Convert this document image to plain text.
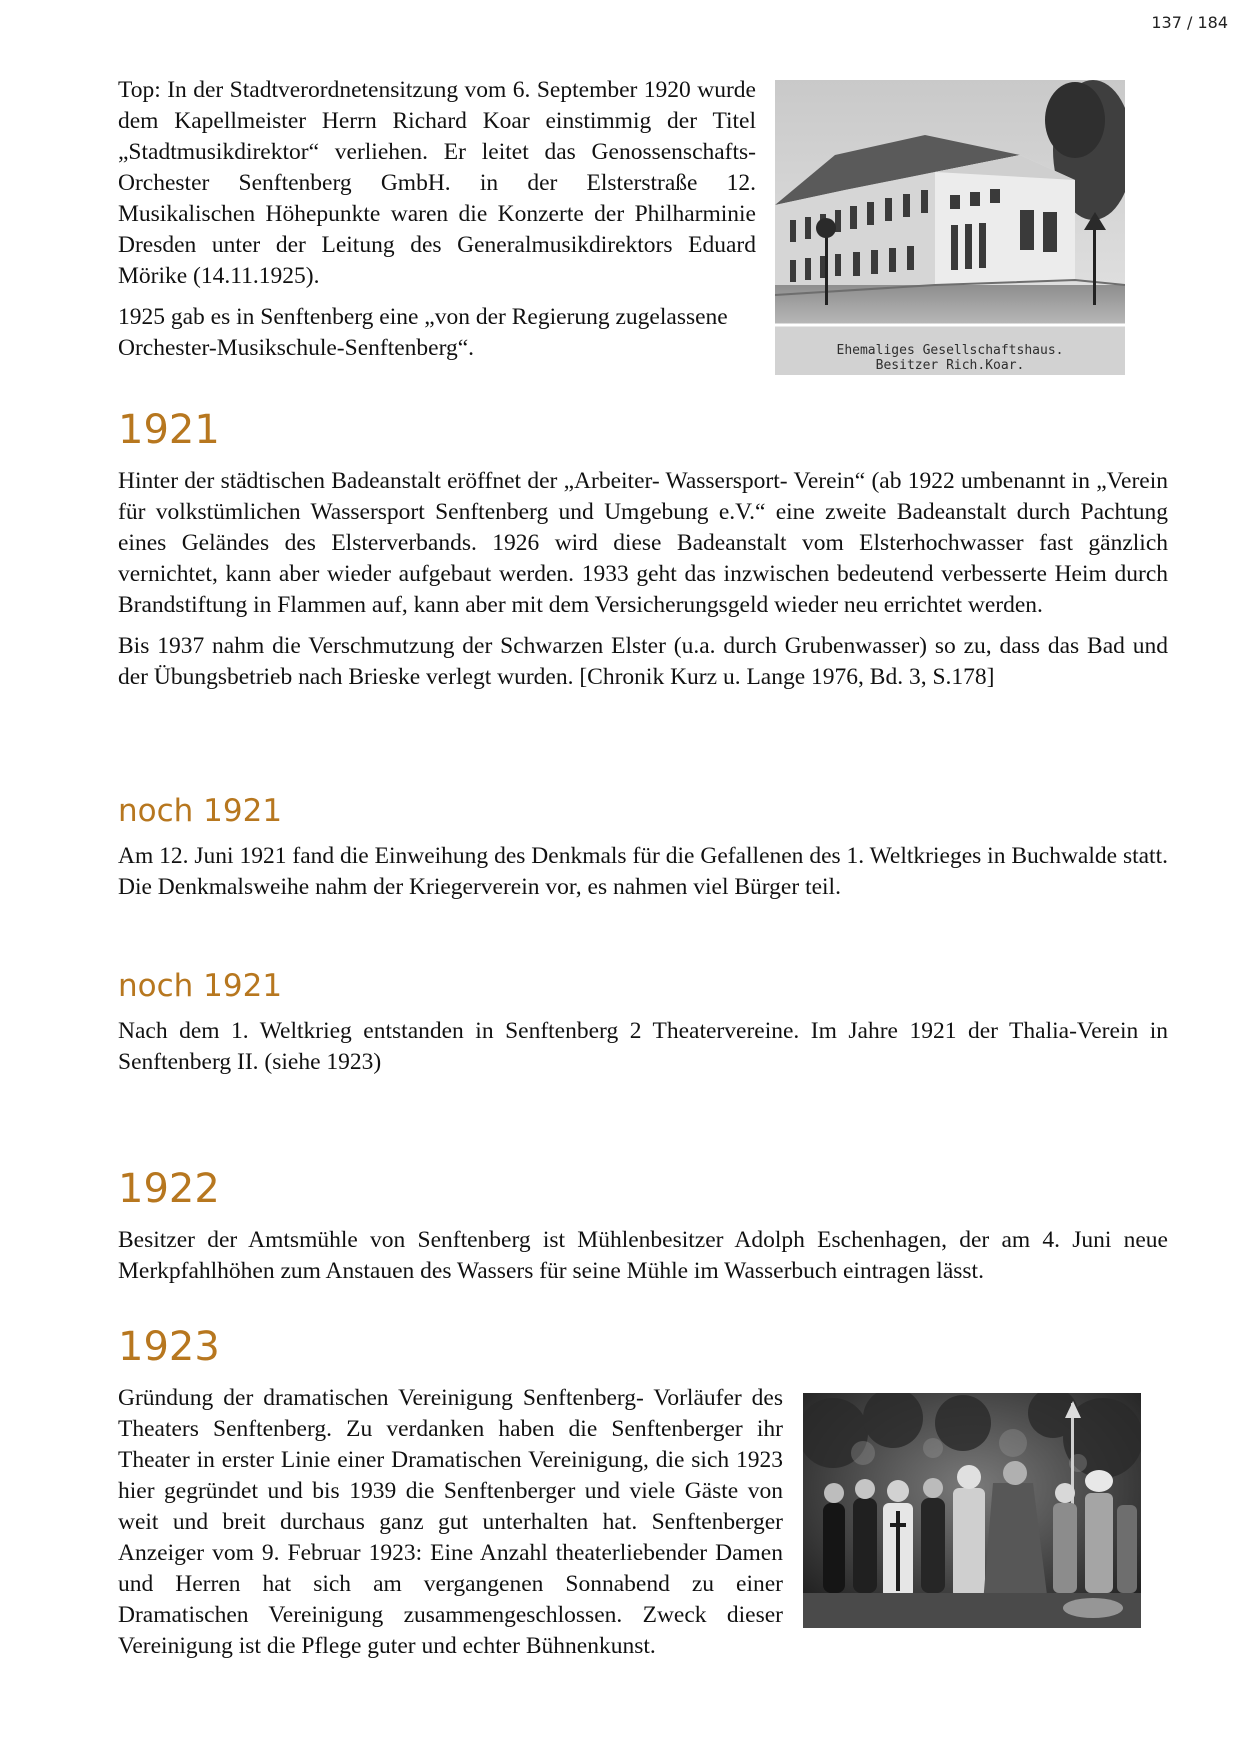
137 / 184

Top: In der Stadtverordnetensitzung vom 6. September 1920 wurde dem Kapellmeister Herrn Richard Koar einstimmig der Titel „Stadtmusikdirektor“ verliehen. Er leitet das Genossenschafts- Orchester Senftenberg GmbH. in der Elsterstraße 12. Musikalischen Höhepunkte waren die Konzerte der Philharminie Dresden unter der Leitung des Generalmusikdirektors Eduard Mörike (14.11.1925).

1925 gab es in Senftenberg eine „von der Regierung zugelassene Orchester-Musikschule-Senftenberg“.	Ehemaliges Gesellschaftshaus.
Besitzer Rich.Koar.
1921

Hinter der städtischen Badeanstalt eröffnet der „Arbeiter- Wassersport- Verein“ (ab 1922 umbenannt in „Verein für volkstümlichen Wassersport Senftenberg und Umgebung e.V.“ eine zweite Badeanstalt durch Pachtung eines Geländes des Elsterverbands. 1926 wird diese Badeanstalt vom Elsterhochwasser fast gänzlich vernichtet, kann aber wieder aufgebaut werden. 1933 geht das inzwischen bedeutend verbesserte Heim durch Brandstiftung in Flammen auf, kann aber mit dem Versicherungsgeld wieder neu errichtet werden.

Bis 1937 nahm die Verschmutzung der Schwarzen Elster (u.a. durch Grubenwasser) so zu, dass das Bad und der Übungsbetrieb nach Brieske verlegt wurden. [Chronik Kurz u. Lange 1976, Bd. 3, S.178]

noch 1921

Am 12. Juni 1921 fand die Einweihung des Denkmals für die Gefallenen des 1. Weltkrieges in Buchwalde statt. Die Denkmalsweihe nahm der Kriegerverein vor, es nahmen viel Bürger teil.

noch 1921

Nach dem 1. Weltkrieg entstanden in Senftenberg 2 Theatervereine. Im Jahre 1921 der Thalia-Verein in Senftenberg II. (siehe 1923)

1922

Besitzer der Amtsmühle von Senftenberg ist Mühlenbesitzer Adolph Eschenhagen, der am 4. Juni neue Merkpfahlhöhen zum Anstauen des Wassers für seine Mühle im Wasserbuch eintragen lässt.

1923

Gründung der dramatischen Vereinigung Senftenberg- Vorläufer des Theaters Senftenberg. Zu verdanken haben die Senftenberger ihr Theater in erster Linie einer Dramatischen Vereinigung, die sich 1923 hier gegründet und bis 1939 die Senftenberger und viele Gäste von weit und breit durchaus ganz gut unterhalten hat. Senftenberger Anzeiger vom 9. Februar 1923: Eine Anzahl theaterliebender Damen und Herren hat sich am vergangenen Sonnabend zu einer Dramatischen Vereinigung zusammengeschlossen. Zweck dieser Vereinigung ist die Pflege guter und echter Bühnenkunst.
